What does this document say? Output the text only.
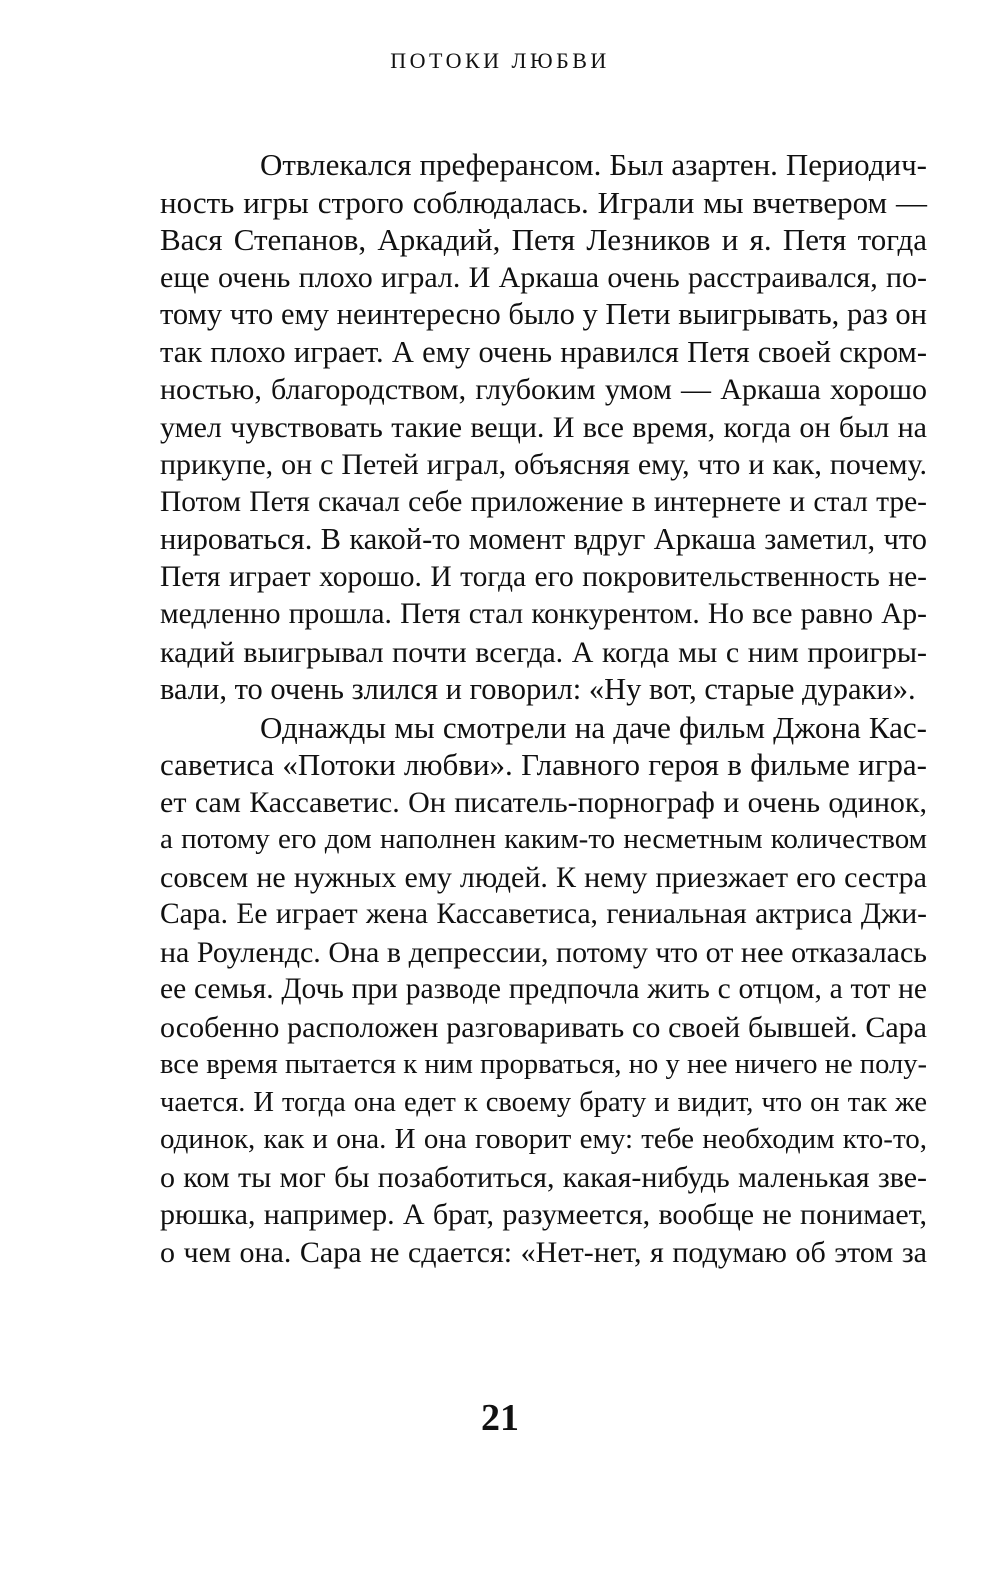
ПОТОКИ ЛЮБВИ
Отвлекался преферансом. Был азартен. Периодич-
ность игры строго соблюдалась. Играли мы вчетвером —
Вася Степанов, Аркадий, Петя Лезников и я. Петя тогда
еще очень плохо играл. И Аркаша очень расстраивался, по-
тому что ему неинтересно было у Пети выигрывать, раз он
так плохо играет. А ему очень нравился Петя своей скром-
ностью, благородством, глубоким умом — Аркаша хорошо
умел чувствовать такие вещи. И все время, когда он был на
прикупе, он с Петей играл, объясняя ему, что и как, почему.
Потом Петя скачал себе приложение в интернете и стал тре-
нироваться. В какой-то момент вдруг Аркаша заметил, что
Петя играет хорошо. И тогда его покровительственность не-
медленно прошла. Петя стал конкурентом. Но все равно Ар-
кадий выигрывал почти всегда. А когда мы с ним проигры-
вали, то очень злился и говорил: «Ну вот, старые дураки».
Однажды мы смотрели на даче фильм Джона Кас-
саветиса «Потоки любви». Главного героя в фильме игра-
ет сам Кассаветис. Он писатель-порнограф и очень одинок,
а потому его дом наполнен каким-то несметным количеством
совсем не нужных ему людей. К нему приезжает его сестра
Сара. Ее играет жена Кассаветиса, гениальная актриса Джи-
на Роулендс. Она в депрессии, потому что от нее отказалась
ее семья. Дочь при разводе предпочла жить с отцом, а тот не
особенно расположен разговаривать со своей бывшей. Сара
все время пытается к ним прорваться, но у нее ничего не полу-
чается. И тогда она едет к своему брату и видит, что он так же
одинок, как и она. И она говорит ему: тебе необходим кто-то,
о ком ты мог бы позаботиться, какая-нибудь маленькая зве-
рюшка, например. А брат, разумеется, вообще не понимает,
о чем она. Сара не сдается: «Нет-нет, я подумаю об этом за
21
